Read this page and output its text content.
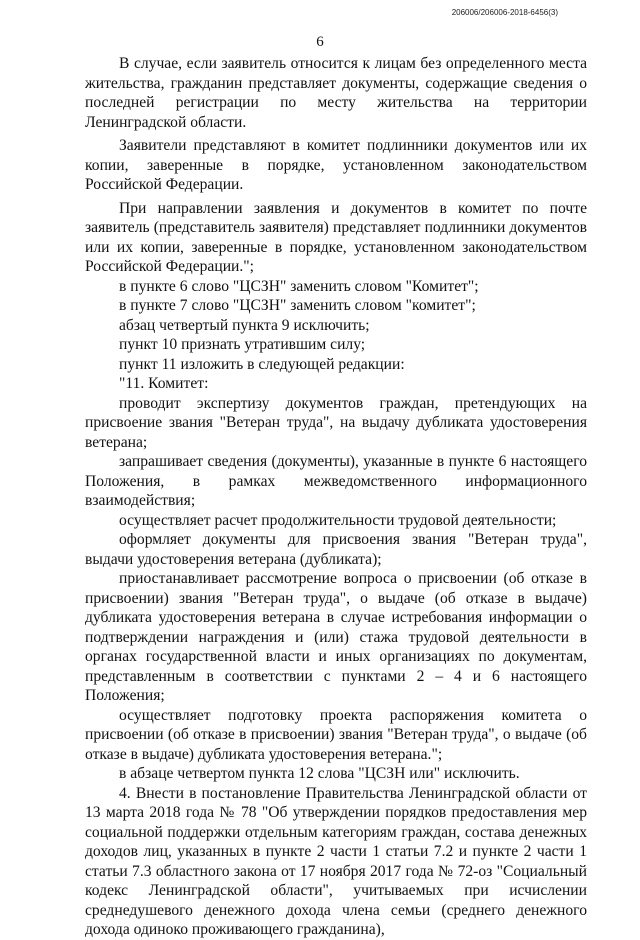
206006/206006-2018-6456(3)
6

В случае, если заявитель относится к лицам без определенного места жительства, гражданин представляет документы, содержащие сведения о последней регистрации по месту жительства на территории Ленинградской области.

Заявители представляют в комитет подлинники документов или их копии, заверенные в порядке, установленном законодательством Российской Федерации.

При направлении заявления и документов в комитет по почте заявитель (представитель заявителя) представляет подлинники документов или их копии, заверенные в порядке, установленном законодательством Российской Федерации.";

в пункте 6 слово "ЦСЗН" заменить словом "Комитет";

в пункте 7 слово "ЦСЗН" заменить словом "комитет";

абзац четвертый пункта 9 исключить;

пункт 10 признать утратившим силу;

пункт 11 изложить в следующей редакции:

"11. Комитет:

проводит экспертизу документов граждан, претендующих на присвоение звания "Ветеран труда", на выдачу дубликата удостоверения ветерана;

запрашивает сведения (документы), указанные в пункте 6 настоящего Положения, в рамках межведомственного информационного взаимодействия;

осуществляет расчет продолжительности трудовой деятельности;

оформляет документы для присвоения звания "Ветеран труда", выдачи удостоверения ветерана (дубликата);

приостанавливает рассмотрение вопроса о присвоении (об отказе в присвоении) звания "Ветеран труда", о выдаче (об отказе в выдаче) дубликата удостоверения ветерана в случае истребования информации о подтверждении награждения и (или) стажа трудовой деятельности в органах государственной власти и иных организациях по документам, представленным в соответствии с пунктами 2 – 4 и 6 настоящего Положения;

осуществляет подготовку проекта распоряжения комитета о присвоении (об отказе в присвоении) звания "Ветеран труда", о выдаче (об отказе в выдаче) дубликата удостоверения ветерана.";

в абзаце четвертом пункта 12 слова "ЦСЗН или" исключить.

4. Внести в постановление Правительства Ленинградской области от 13 марта 2018 года № 78 "Об утверждении порядков предоставления мер социальной поддержки отдельным категориям граждан, состава денежных доходов лиц, указанных в пункте 2 части 1 статьи 7.2 и пункте 2 части 1 статьи 7.3 областного закона от 17 ноября 2017 года № 72-оз "Социальный кодекс Ленинградской области", учитываемых при исчислении среднедушевого денежного дохода члена семьи (среднего денежного дохода одиноко проживающего гражданина),
